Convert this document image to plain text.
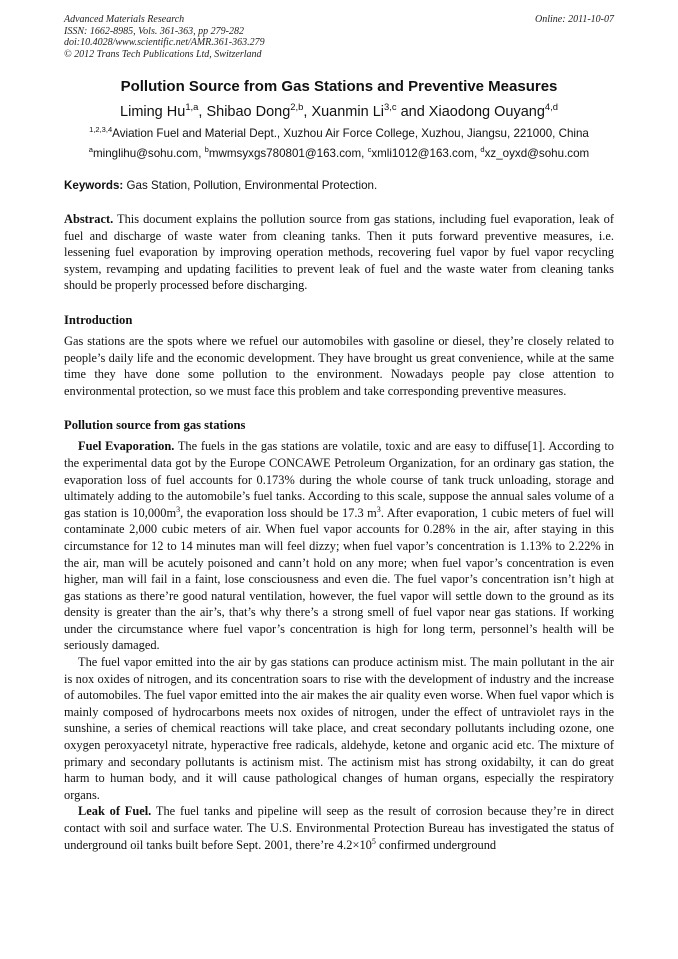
Advanced Materials Research
ISSN: 1662-8985, Vols. 361-363, pp 279-282
doi:10.4028/www.scientific.net/AMR.361-363.279
© 2012 Trans Tech Publications Ltd, Switzerland
Online: 2011-10-07
Pollution Source from Gas Stations and Preventive Measures
Liming Hu$^{1,a}$, Shibao Dong$^{2,b}$, Xuanmin Li$^{3,c}$ and Xiaodong Ouyang$^{4,d}$
$^{1,2,3,4}$Aviation Fuel and Material Dept., Xuzhou Air Force College, Xuzhou, Jiangsu, 221000, China
$^a$minglihu@sohu.com, $^b$mwmsyxgs780801@163.com, $^c$xmli1012@163.com, $^d$xz_oyxd@sohu.com
Keywords: Gas Station, Pollution, Environmental Protection.
Abstract. This document explains the pollution source from gas stations, including fuel evaporation, leak of fuel and discharge of waste water from cleaning tanks. Then it puts forward preventive measures, i.e. lessening fuel evaporation by improving operation methods, recovering fuel vapor by fuel vapor recycling system, revamping and updating facilities to prevent leak of fuel and the waste water from cleaning tanks should be properly processed before discharging.
Introduction

Gas stations are the spots where we refuel our automobiles with gasoline or diesel, they’re closely related to people’s daily life and the economic development. They have brought us great convenience, while at the same time they have done some pollution to the environment. Nowadays people pay close attention to environmental protection, so we must face this problem and take corresponding preventive measures.

Pollution source from gas stations

Fuel Evaporation. The fuels in the gas stations are volatile, toxic and are easy to diffuse[1]. According to the experimental data got by the Europe CONCAWE Petroleum Organization, for an ordinary gas station, the evaporation loss of fuel accounts for 0.173% during the whole course of tank truck unloading, storage and ultimately adding to the automobile’s fuel tanks. According to this scale, suppose the annual sales volume of a gas station is $10,000m^3$, the evaporation loss should be 17.3 $m^3$. After evaporation, 1 cubic meters of fuel will contaminate 2,000 cubic meters of air. When fuel vapor accounts for 0.28% in the air, after staying in this circumstance for 12 to 14 minutes man will feel dizzy; when fuel vapor’s concentration is 1.13% to 2.22% in the air, man will be acutely poisoned and cann’t hold on any more; when fuel vapor’s concentration is even higher, man will fail in a faint, lose consciousness and even die. The fuel vapor’s concentration isn’t high at gas stations as there’re good natural ventilation, however, the fuel vapor will settle down to the ground as its density is greater than the air’s, that’s why there’s a strong smell of fuel vapor near gas stations. If working under the circumstance where fuel vapor’s concentration is high for long term, personnel’s health will be seriously damaged.

The fuel vapor emitted into the air by gas stations can produce actinism mist. The main pollutant in the air is nox oxides of nitrogen, and its concentration soars to rise with the development of industry and the increase of automobiles. The fuel vapor emitted into the air makes the air quality even worse. When fuel vapor which is mainly composed of hydrocarbons meets nox oxides of nitrogen, under the effect of untraviolet rays in the sunshine, a series of chemical reactions will take place, and creat secondary pollutants including ozone, one oxygen peroxyacetyl nitrate, hyperactive free radicals, aldehyde, ketone and organic acid etc. The mixture of primary and secondary pollutants is actinism mist. The actinism mist has strong oxidabilty, it can do great harm to human body, and it will cause pathological changes of human organs, especially the respiratory organs.

Leak of Fuel. The fuel tanks and pipeline will seep as the result of corrosion because they’re in direct contact with soil and surface water. The U.S. Environmental Protection Bureau has investigated the status of underground oil tanks built before Sept. 2001, there’re $4.2\times 10^5$ confirmed underground
